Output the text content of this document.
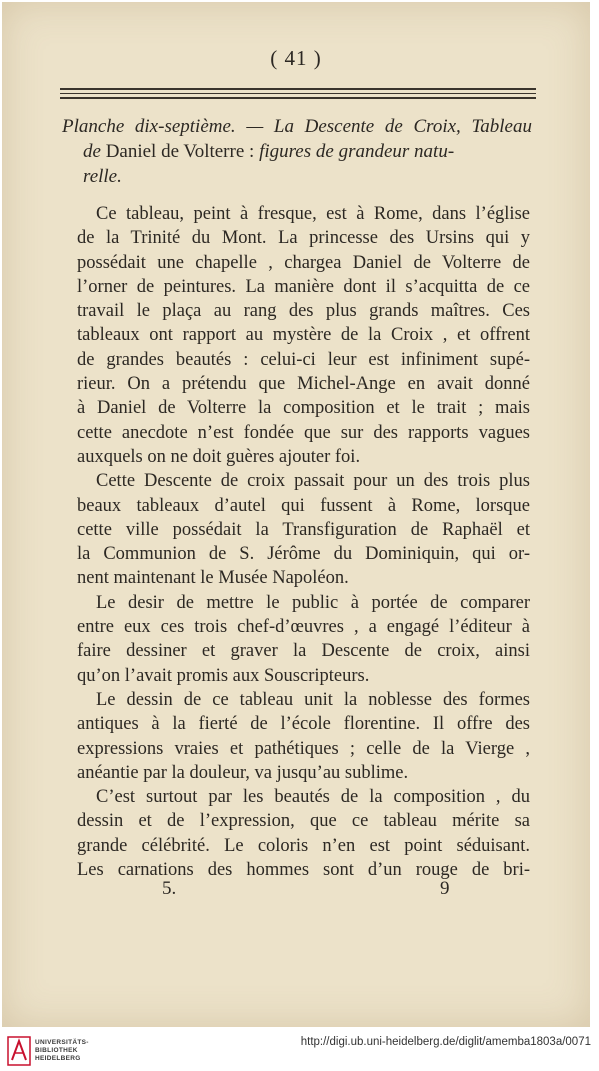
( 41 )
Planche dix-septième. — La Descente de Croix, Tableau
de Daniel de Volterre : figures de grandeur natu-
relle.
Ce tableau, peint à fresque, est à Rome, dans l’église
de la Trinité du Mont. La princesse des Ursins qui y
possédait une chapelle , chargea Daniel de Volterre de
l’orner de peintures. La manière dont il s’acquitta de ce
travail le plaça au rang des plus grands maîtres. Ces
tableaux ont rapport au mystère de la Croix , et offrent
de grandes beautés : celui-ci leur est infiniment supé-
rieur. On a prétendu que Michel-Ange en avait donné
à Daniel de Volterre la composition et le trait ; mais
cette anecdote n’est fondée que sur des rapports vagues
auxquels on ne doit guères ajouter foi.
Cette Descente de croix passait pour un des trois plus
beaux tableaux d’autel qui fussent à Rome, lorsque
cette ville possédait la Transfiguration de Raphaël et
la Communion de S. Jérôme du Dominiquin, qui or-
nent maintenant le Musée Napoléon.
Le desir de mettre le public à portée de comparer
entre eux ces trois chef-d’œuvres , a engagé l’éditeur à
faire dessiner et graver la Descente de croix, ainsi
qu’on l’avait promis aux Souscripteurs.
Le dessin de ce tableau unit la noblesse des formes
antiques à la fierté de l’école florentine. Il offre des
expressions vraies et pathétiques ; celle de la Vierge ,
anéantie par la douleur, va jusqu’au sublime.
C’est surtout par les beautés de la composition , du
dessin et de l’expression, que ce tableau mérite sa
grande célébrité. Le coloris n’en est point séduisant.
Les carnations des hommes sont d’un rouge de bri-
5.	9
UNIVERSITÄTS-
BIBLIOTHEK
HEIDELBERG
http://digi.ub.uni-heidelberg.de/diglit/amemba1803a/0071
